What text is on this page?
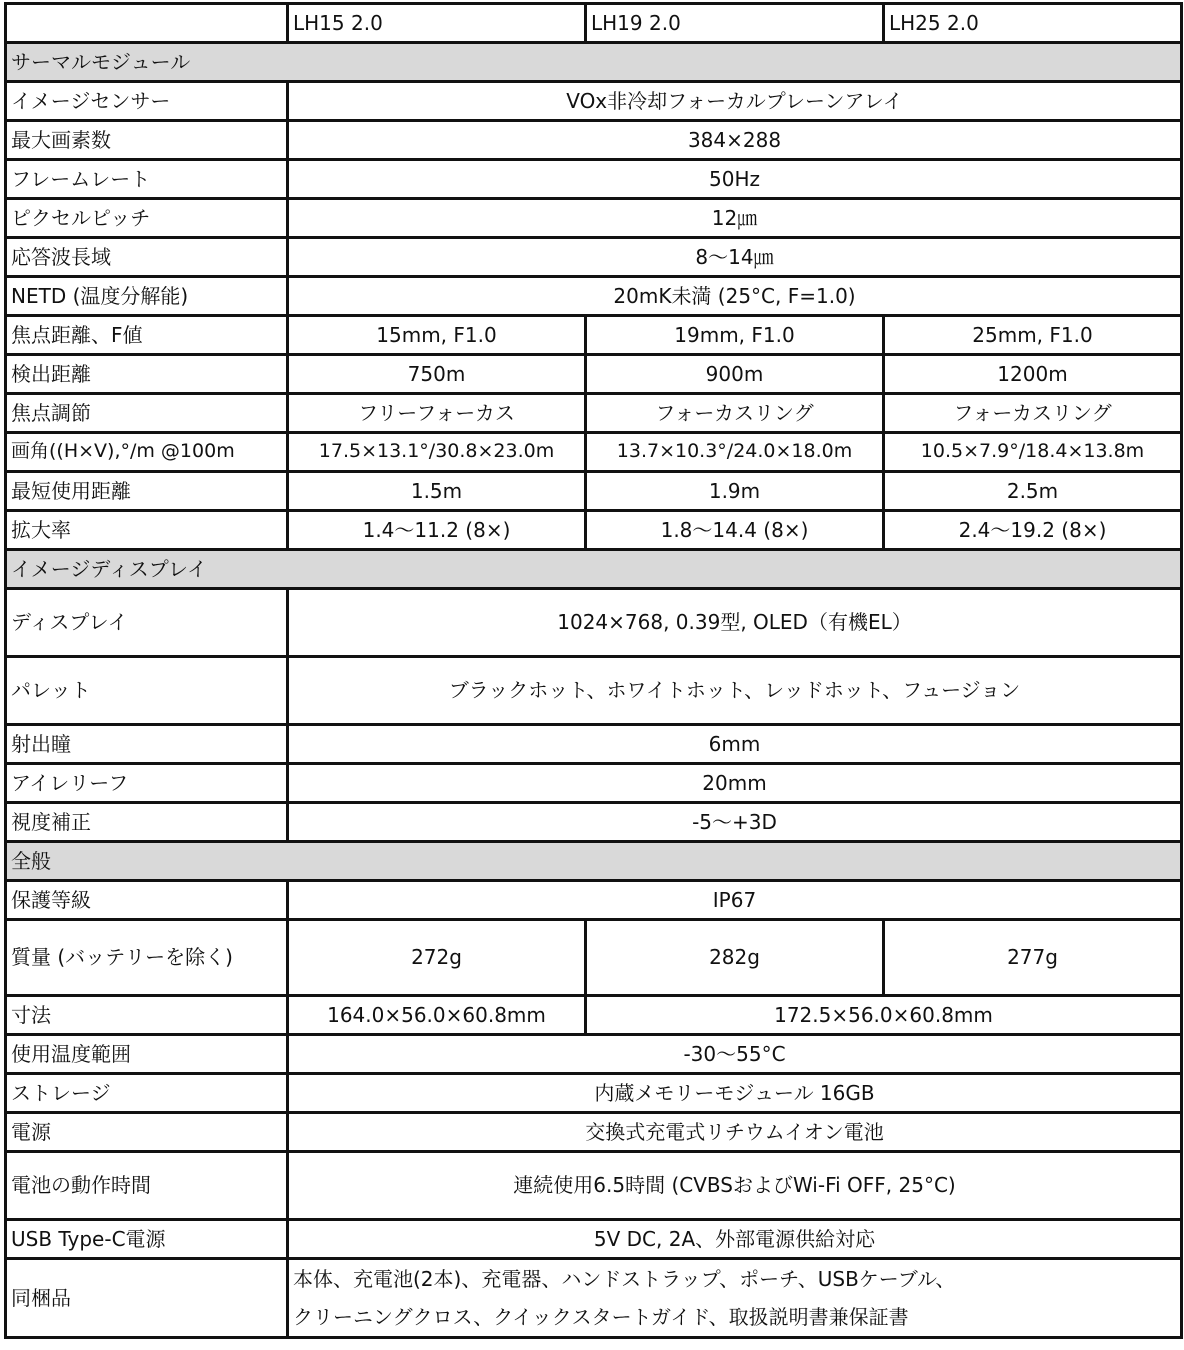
	LH15 2.0	LH19 2.0	LH25 2.0
サーマルモジュール			
イメージセンサー	VOx非冷却フォーカルプレーンアレイ		
最大画素数	384×288		
フレームレート	50Hz		
ピクセルピッチ	12㎛		
応答波長域	8〜14㎛		
NETD (温度分解能)	20mK未満 (25°C, F=1.0)		
焦点距離、F値	15mm, F1.0	19mm, F1.0	25mm, F1.0
検出距離	750m	900m	1200m
焦点調節	フリーフォーカス	フォーカスリング	フォーカスリング
画角((H×V),°/m @100m	17.5×13.1°/30.8×23.0m	13.7×10.3°/24.0×18.0m	10.5×7.9°/18.4×13.8m
最短使用距離	1.5m	1.9m	2.5m
拡大率	1.4〜11.2 (8×)	1.8〜14.4 (8×)	2.4〜19.2 (8×)
イメージディスプレイ			
ディスプレイ	1024×768, 0.39型, OLED（有機EL）		
パレット	ブラックホット、ホワイトホット、レッドホット、フュージョン		
射出瞳	6mm		
アイレリーフ	20mm		
視度補正	-5〜+3D		
全般			
保護等級	IP67		
質量 (バッテリーを除く)	272g	282g	277g
寸法	164.0×56.0×60.8mm	172.5×56.0×60.8mm	
使用温度範囲	-30〜55°C		
ストレージ	内蔵メモリーモジュール 16GB		
電源	交換式充電式リチウムイオン電池		
電池の動作時間	連続使用6.5時間 (CVBSおよびWi-Fi OFF, 25°C)		
USB Type-C電源	5V DC, 2A、外部電源供給対応		
同梱品	本体、充電池(2本)、充電器、ハンドストラップ、ポーチ、USBケーブル、
クリーニングクロス、クイックスタートガイド、取扱説明書兼保証書		
